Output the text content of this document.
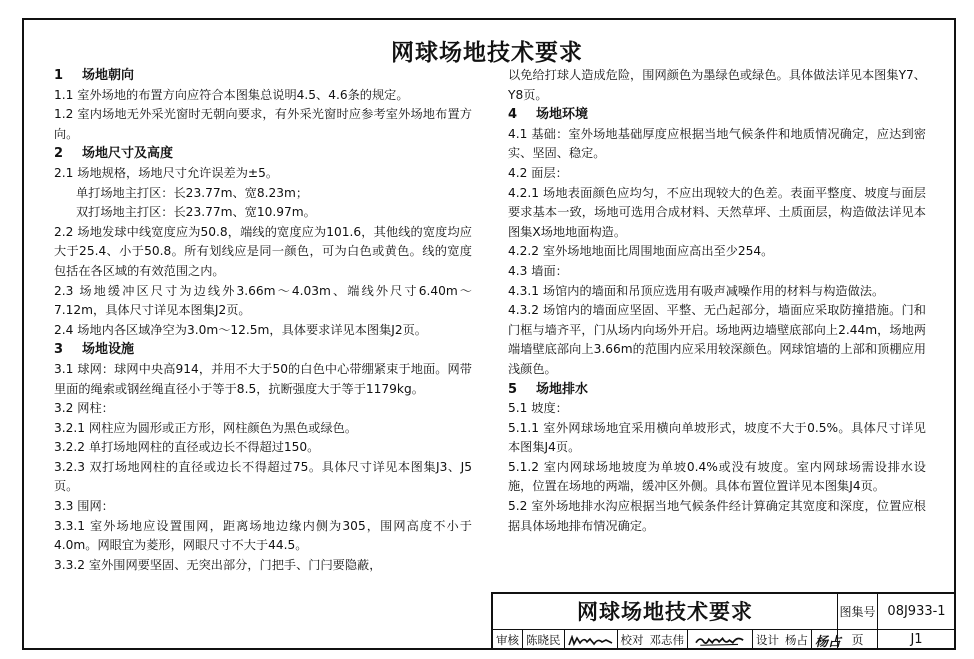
网球场地技术要求

1 场地朝向

1.1 室外场地的布置方向应符合本图集总说明4.5、4.6条的规定。

1.2 室内场地无外采光窗时无朝向要求，有外采光窗时应参考室外场地布置方向。

2 场地尺寸及高度

2.1 场地规格，场地尺寸允许误差为±5。

单打场地主打区：长23.77m、宽8.23m；

双打场地主打区：长23.77m、宽10.97m。

2.2 场地发球中线宽度应为50.8，端线的宽度应为101.6，其他线的宽度均应大于25.4、小于50.8。所有划线应是同一颜色，可为白色或黄色。线的宽度包括在各区域的有效范围之内。

2.3 场地缓冲区尺寸为边线外3.66m～4.03m、端线外尺寸6.40m～7.12m，具体尺寸详见本图集J2页。

2.4 场地内各区域净空为3.0m～12.5m，具体要求详见本图集J2页。

3 场地设施

3.1 球网：球网中央高914，并用不大于50的白色中心带绷紧束于地面。网带里面的绳索或钢丝绳直径小于等于8.5，抗断强度大于等于1179kg。

3.2 网柱：

3.2.1 网柱应为圆形或正方形，网柱颜色为黑色或绿色。

3.2.2 单打场地网柱的直径或边长不得超过150。

3.2.3 双打场地网柱的直径或边长不得超过75。具体尺寸详见本图集J3、J5页。

3.3 围网：

3.3.1 室外场地应设置围网，距离场地边缘内侧为305，围网高度不小于4.0m。网眼宜为菱形，网眼尺寸不大于44.5。

3.3.2 室外围网要坚固、无突出部分，门把手、门闩要隐蔽，

以免给打球人造成危险，围网颜色为墨绿色或绿色。具体做法详见本图集Y7、Y8页。

4 场地环境

4.1 基础：室外场地基础厚度应根据当地气候条件和地质情况确定，应达到密实、坚固、稳定。

4.2 面层：

4.2.1 场地表面颜色应均匀，不应出现较大的色差。表面平整度、坡度与面层要求基本一致，场地可选用合成材料、天然草坪、土质面层，构造做法详见本图集X场地地面构造。

4.2.2 室外场地地面比周围地面应高出至少254。

4.3 墙面：

4.3.1 场馆内的墙面和吊顶应选用有吸声减噪作用的材料与构造做法。

4.3.2 场馆内的墙面应坚固、平整、无凸起部分，墙面应采取防撞措施。门和门框与墙齐平，门从场内向场外开启。场地两边墙壁底部向上2.44m，场地两端墙壁底部向上3.66m的范围内应采用较深颜色。网球馆墙的上部和顶棚应用浅颜色。

5 场地排水

5.1 坡度：

5.1.1 室外网球场地宜采用横向单坡形式，坡度不大于0.5%。具体尺寸详见本图集J4页。

5.1.2 室内网球场地坡度为单坡0.4%或没有坡度。室内网球场需设排水设施，位置在场地的两端，缓冲区外侧。具体布置位置详见本图集J4页。

5.2 室外场地排水沟应根据当地气候条件经计算确定其宽度和深度，位置应根据具体场地排布情况确定。

网球场地技术要求	图集号 08J933-1
页	J1
审核 陈晓民	校对 邓志伟	设计 杨占 杨占
